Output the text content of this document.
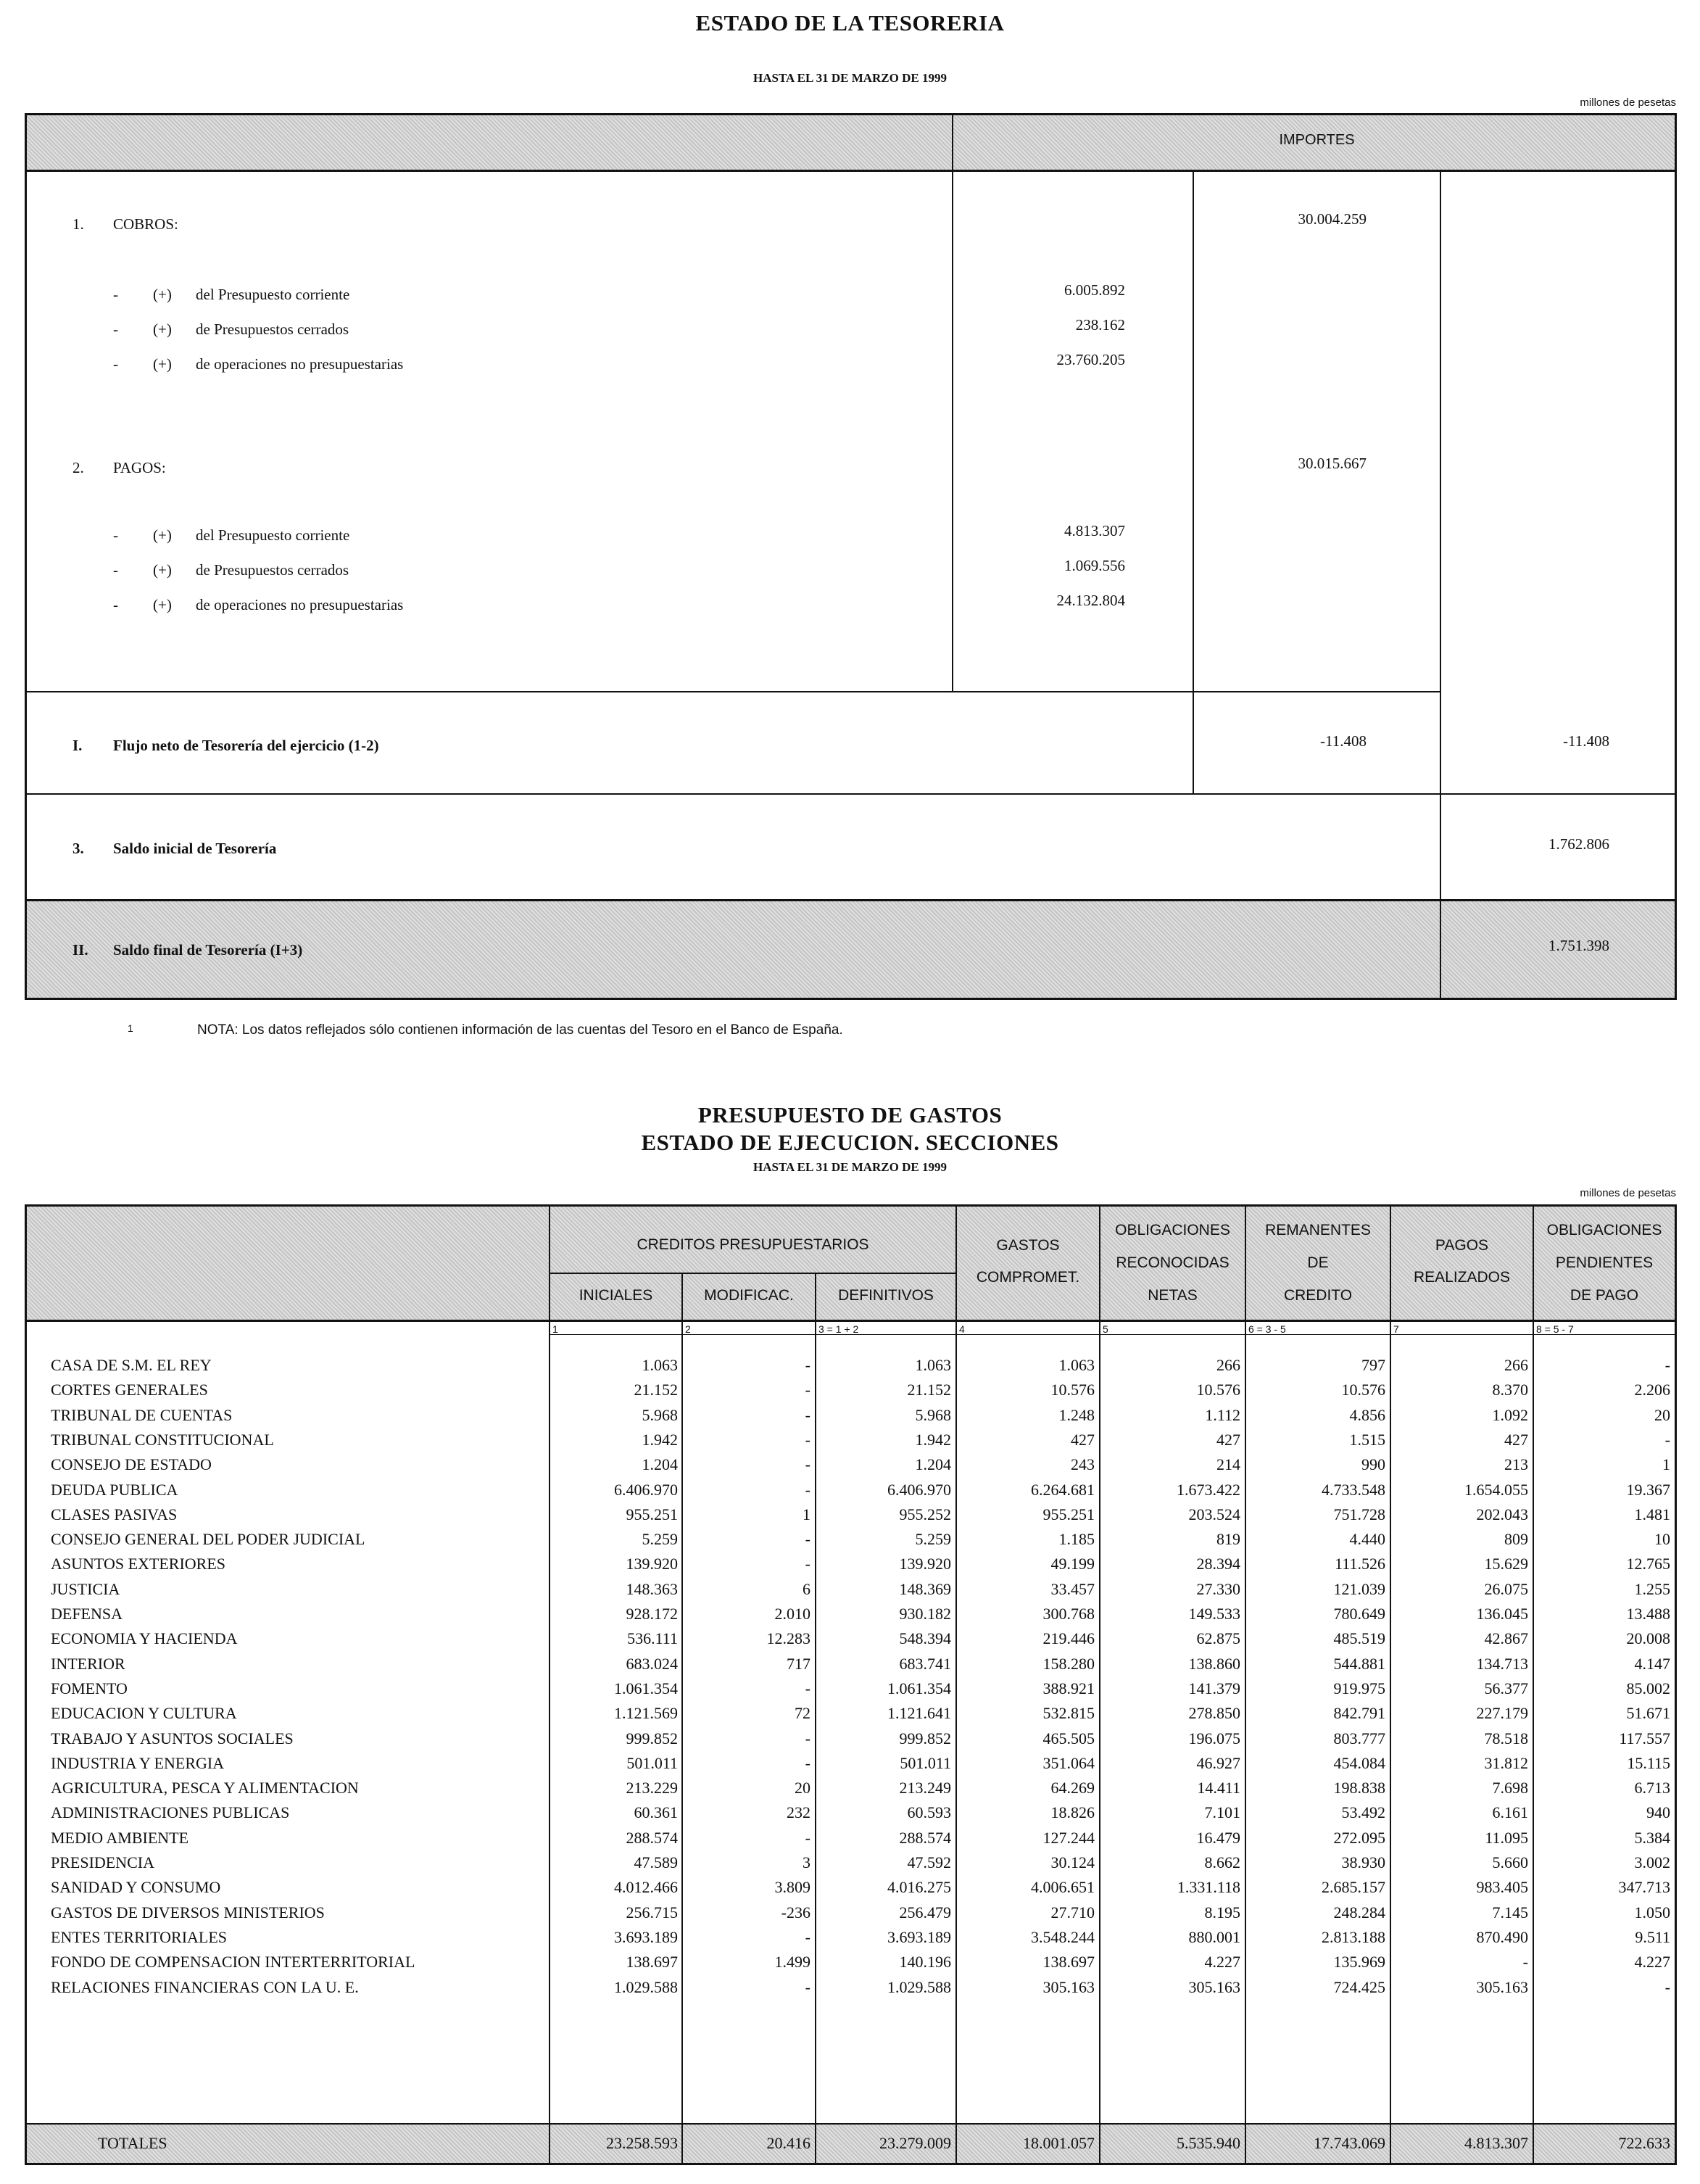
ESTADO DE LA TESORERIA
HASTA EL 31 DE MARZO DE 1999
millones de pesetas
IMPORTES
1. COBROS:	30.004.259
- (+) del Presupuesto corriente	6.005.892
- (+) de Presupuestos cerrados	238.162
- (+) de operaciones no presupuestarias	23.760.205
2. PAGOS:	30.015.667
- (+) del Presupuesto corriente	4.813.307
- (+) de Presupuestos cerrados	1.069.556
- (+) de operaciones no presupuestarias	24.132.804
I. Flujo neto de Tesorería del ejercicio (1-2)	-11.408	-11.408
3. Saldo inicial de Tesorería	1.762.806
II. Saldo final de Tesorería (I+3)	1.751.398
1	NOTA: Los datos reflejados sólo contienen información de las cuentas del Tesoro en el Banco de España.
PRESUPUESTO DE GASTOS
ESTADO DE EJECUCION. SECCIONES
HASTA EL 31 DE MARZO DE 1999
millones de pesetas
CREDITOS PRESUPUESTARIOS
INICIALES	MODIFICAC.	DEFINITIVOS
GASTOS
COMPROMET.
OBLIGACIONES
RECONOCIDAS
NETAS
REMANENTES
DE
CREDITO
PAGOS
REALIZADOS
OBLIGACIONES
PENDIENTES
DE PAGO
1	2	3 = 1 + 2	4	5	6 = 3 - 5	7	8 = 5 - 7
CASA DE S.M. EL REY	1.063	-	1.063	1.063	266	797	266	-
CORTES GENERALES	21.152	-	21.152	10.576	10.576	10.576	8.370	2.206
TRIBUNAL DE CUENTAS	5.968	-	5.968	1.248	1.112	4.856	1.092	20
TRIBUNAL CONSTITUCIONAL	1.942	-	1.942	427	427	1.515	427	-
CONSEJO DE ESTADO	1.204	-	1.204	243	214	990	213	1
DEUDA PUBLICA	6.406.970	-	6.406.970	6.264.681	1.673.422	4.733.548	1.654.055	19.367
CLASES PASIVAS	955.251	1	955.252	955.251	203.524	751.728	202.043	1.481
CONSEJO GENERAL DEL PODER JUDICIAL	5.259	-	5.259	1.185	819	4.440	809	10
ASUNTOS EXTERIORES	139.920	-	139.920	49.199	28.394	111.526	15.629	12.765
JUSTICIA	148.363	6	148.369	33.457	27.330	121.039	26.075	1.255
DEFENSA	928.172	2.010	930.182	300.768	149.533	780.649	136.045	13.488
ECONOMIA Y HACIENDA	536.111	12.283	548.394	219.446	62.875	485.519	42.867	20.008
INTERIOR	683.024	717	683.741	158.280	138.860	544.881	134.713	4.147
FOMENTO	1.061.354	-	1.061.354	388.921	141.379	919.975	56.377	85.002
EDUCACION Y CULTURA	1.121.569	72	1.121.641	532.815	278.850	842.791	227.179	51.671
TRABAJO Y ASUNTOS SOCIALES	999.852	-	999.852	465.505	196.075	803.777	78.518	117.557
INDUSTRIA Y ENERGIA	501.011	-	501.011	351.064	46.927	454.084	31.812	15.115
AGRICULTURA, PESCA Y ALIMENTACION	213.229	20	213.249	64.269	14.411	198.838	7.698	6.713
ADMINISTRACIONES PUBLICAS	60.361	232	60.593	18.826	7.101	53.492	6.161	940
MEDIO AMBIENTE	288.574	-	288.574	127.244	16.479	272.095	11.095	5.384
PRESIDENCIA	47.589	3	47.592	30.124	8.662	38.930	5.660	3.002
SANIDAD Y CONSUMO	4.012.466	3.809	4.016.275	4.006.651	1.331.118	2.685.157	983.405	347.713
GASTOS DE DIVERSOS MINISTERIOS	256.715	-236	256.479	27.710	8.195	248.284	7.145	1.050
ENTES TERRITORIALES	3.693.189	-	3.693.189	3.548.244	880.001	2.813.188	870.490	9.511
FONDO DE COMPENSACION INTERTERRITORIAL	138.697	1.499	140.196	138.697	4.227	135.969	-	4.227
RELACIONES FINANCIERAS CON LA U. E.	1.029.588	-	1.029.588	305.163	305.163	724.425	305.163	-
TOTALES	23.258.593	20.416	23.279.009	18.001.057	5.535.940	17.743.069	4.813.307	722.633
